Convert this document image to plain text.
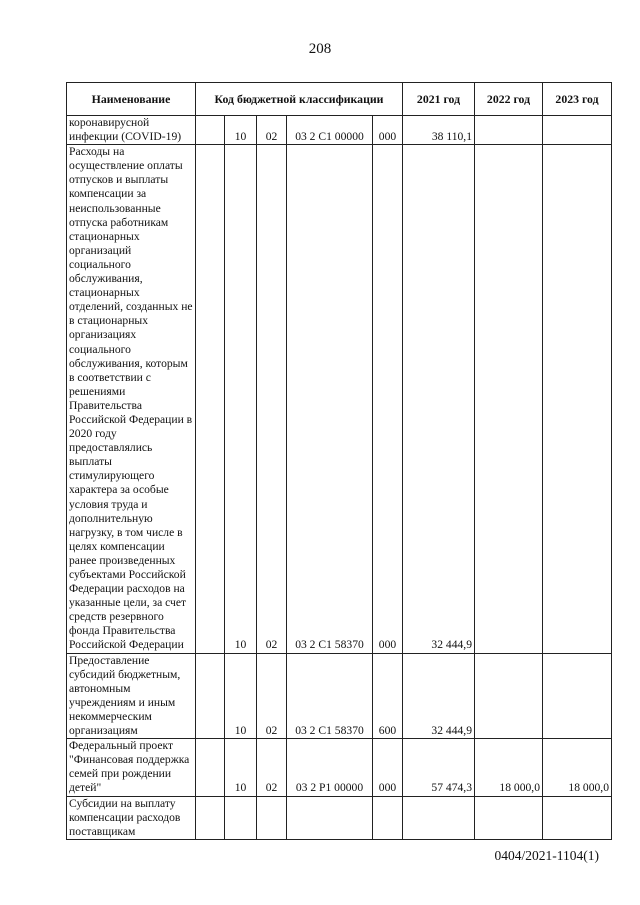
208
Наименование	Код бюджетной классификации					2021 год	2022 год	2023 год
коронавирусной инфекции (COVID-19)		10	02	03 2 C1 00000	000	38 110,1		
Расходы на осуществление оплаты отпусков и выплаты компенсации за неиспользованные отпуска работникам стационарных организаций социального обслуживания, стационарных отделений, созданных не в стационарных организациях социального обслуживания, которым в соответствии с решениями Правительства Российской Федерации в 2020 году предоставлялись выплаты стимулирующего характера за особые условия труда и дополнительную нагрузку, в том числе в целях компенсации ранее произведенных субъектами Российской Федерации расходов на указанные цели, за счет средств резервного фонда Правительства Российской Федерации		10	02	03 2 C1 58370	000	32 444,9		
Предоставление субсидий бюджетным, автономным учреждениям и иным некоммерческим организациям		10	02	03 2 C1 58370	600	32 444,9		
Федеральный проект "Финансовая поддержка семей при рождении детей"		10	02	03 2 P1 00000	000	57 474,3	18 000,0	18 000,0
Субсидии на выплату компенсации расходов поставщикам								
0404/2021-1104(1)
